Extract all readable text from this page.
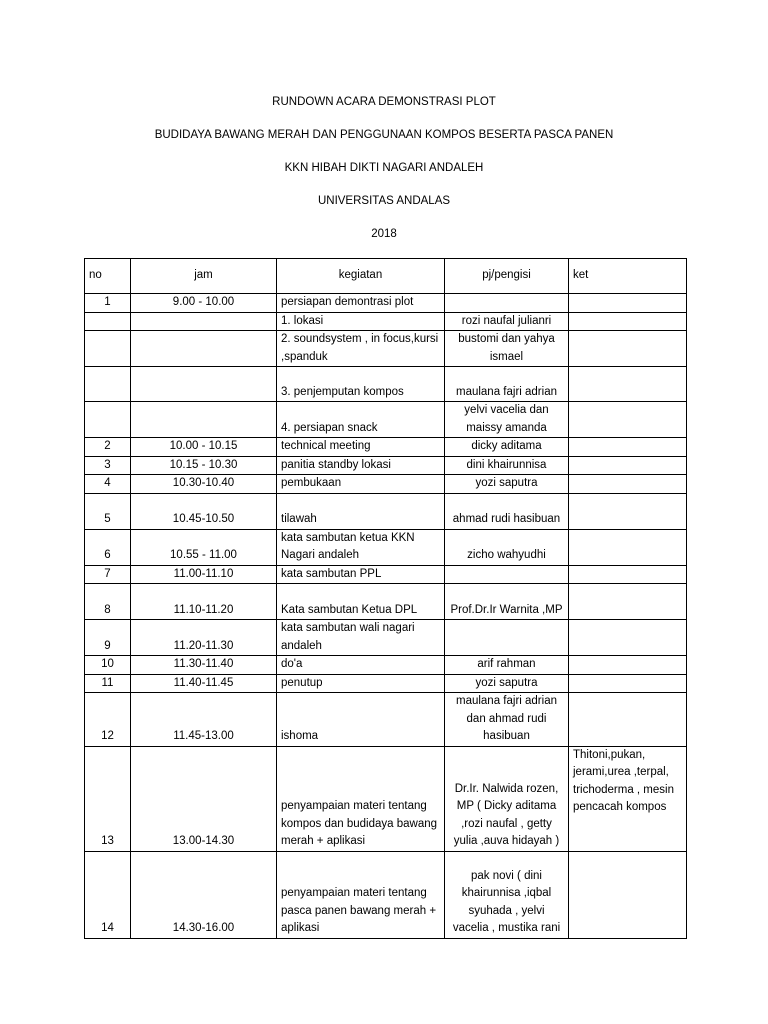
RUNDOWN ACARA DEMONSTRASI PLOT
BUDIDAYA BAWANG MERAH DAN PENGGUNAAN KOMPOS BESERTA PASCA PANEN
KKN HIBAH DIKTI NAGARI ANDALEH
UNIVERSITAS ANDALAS
2018
no	jam	kegiatan	pj/pengisi	ket
1	9.00 - 10.00	persiapan demontrasi plot		
		1. lokasi	rozi naufal julianri	
		2. soundsystem , in focus,kursi ,spanduk	bustomi dan yahya ismael	
		3. penjemputan kompos	maulana fajri adrian	
		4. persiapan snack	yelvi vacelia dan maissy amanda	
2	10.00 - 10.15	technical meeting	dicky aditama	
3	10.15 - 10.30	panitia standby lokasi	dini khairunnisa	
4	10.30-10.40	pembukaan	yozi saputra	
5	10.45-10.50	tilawah	ahmad rudi hasibuan	
6	10.55 - 11.00	kata sambutan ketua KKN Nagari andaleh	zicho wahyudhi	
7	11.00-11.10	kata sambutan PPL		
8	11.10-11.20	Kata sambutan Ketua DPL	Prof.Dr.Ir Warnita ,MP	
9	11.20-11.30	kata sambutan wali nagari andaleh		
10	11.30-11.40	do'a	arif rahman	
11	11.40-11.45	penutup	yozi saputra	
12	11.45-13.00	ishoma	maulana fajri adrian dan ahmad rudi hasibuan	
13	13.00-14.30	penyampaian materi tentang kompos dan budidaya bawang merah + aplikasi	Dr.Ir. Nalwida rozen, MP ( Dicky aditama ,rozi naufal , getty yulia ,auva hidayah )	Thitoni,pukan, jerami,urea ,terpal, trichoderma , mesin pencacah kompos
14	14.30-16.00	penyampaian materi tentang pasca panen bawang merah + aplikasi	pak novi ( dini khairunnisa ,iqbal syuhada , yelvi vacelia , mustika rani	
